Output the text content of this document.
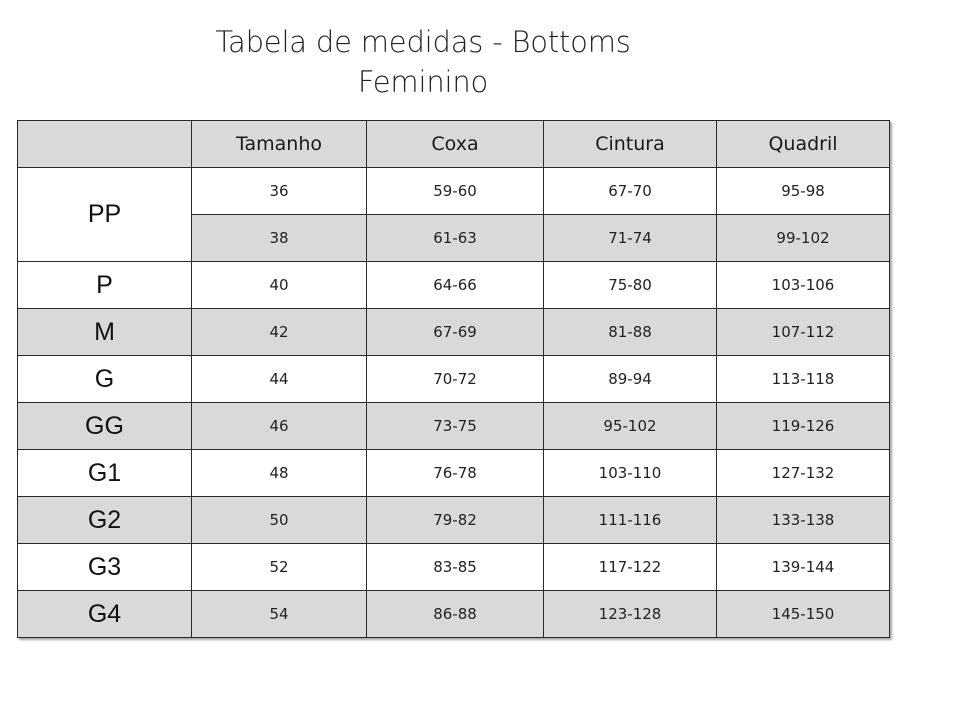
Tabela de medidas - Bottoms
Feminino
	Tamanho	Coxa	Cintura	Quadril
PP	36	59-60	67-70	95-98
	38	61-63	71-74	99-102
P	40	64-66	75-80	103-106
M	42	67-69	81-88	107-112
G	44	70-72	89-94	113-118
GG	46	73-75	95-102	119-126
G1	48	76-78	103-110	127-132
G2	50	79-82	111-116	133-138
G3	52	83-85	117-122	139-144
G4	54	86-88	123-128	145-150
